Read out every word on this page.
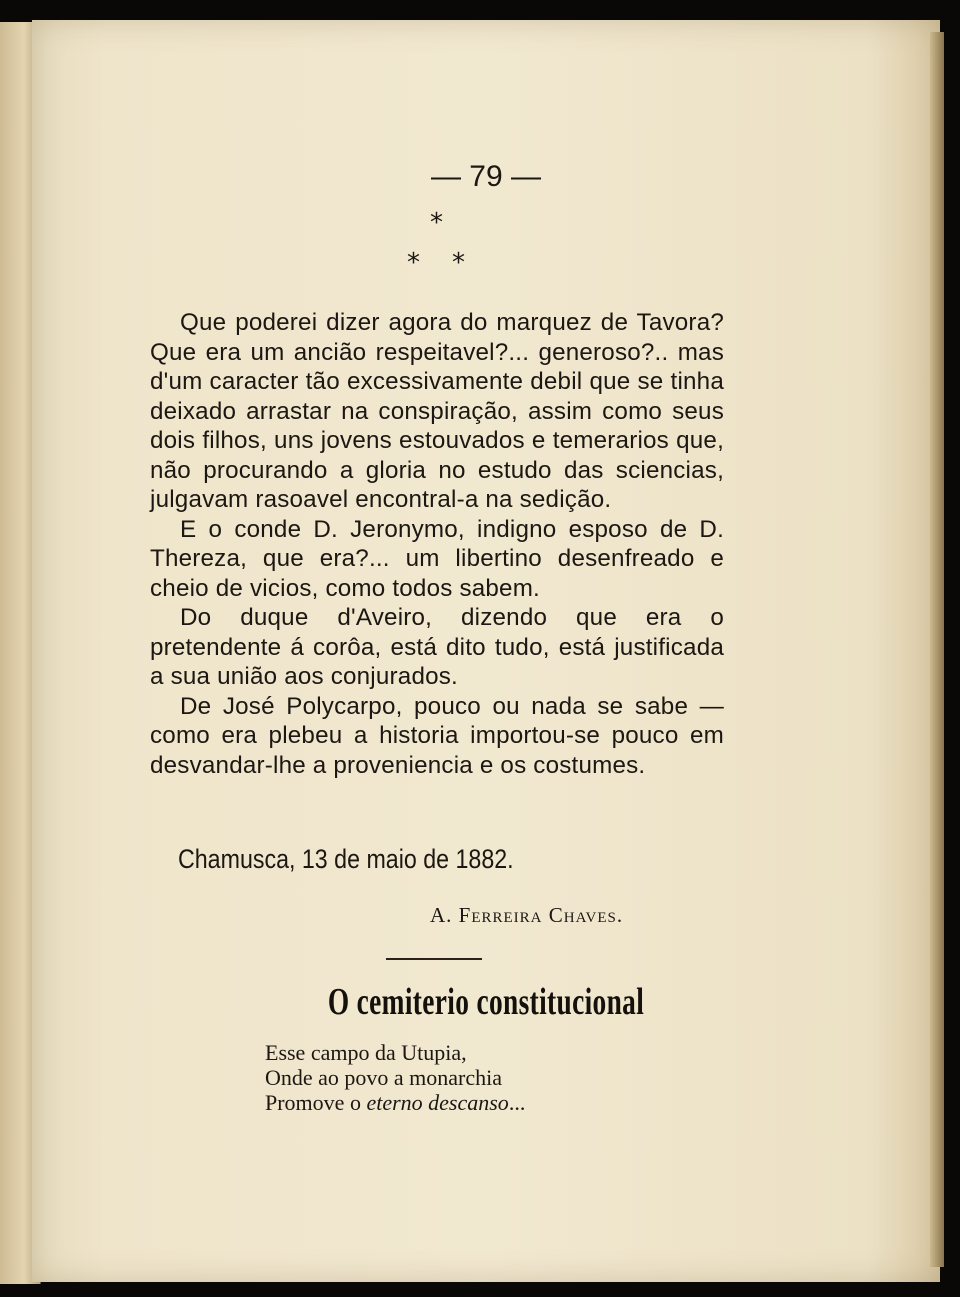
— 79 —
*
* *

Que poderei dizer agora do marquez de Tavora? Que era um ancião respeitavel?... generoso?.. mas d'um caracter tão excessivamente debil que se tinha deixado arrastar na conspiração, assim como seus dois filhos, uns jovens estouvados e temerarios que, não procurando a gloria no estudo das sciencias, julgavam rasoavel encontral-a na sedição.

E o conde D. Jeronymo, indigno esposo de D. Thereza, que era?... um libertino desenfreado e cheio de vicios, como todos sabem.

Do duque d'Aveiro, dizendo que era o pretendente á corôa, está dito tudo, está justificada a sua união aos conjurados.

De José Polycarpo, pouco ou nada se sabe — como era plebeu a historia importou-se pouco em desvandar-lhe a proveniencia e os costumes.

Chamusca, 13 de maio de 1882.
A. Ferreira Chaves.
O cemiterio constitucional
Esse campo da Utupia,
Onde ao povo a monarchia
Promove o eterno descanso...
